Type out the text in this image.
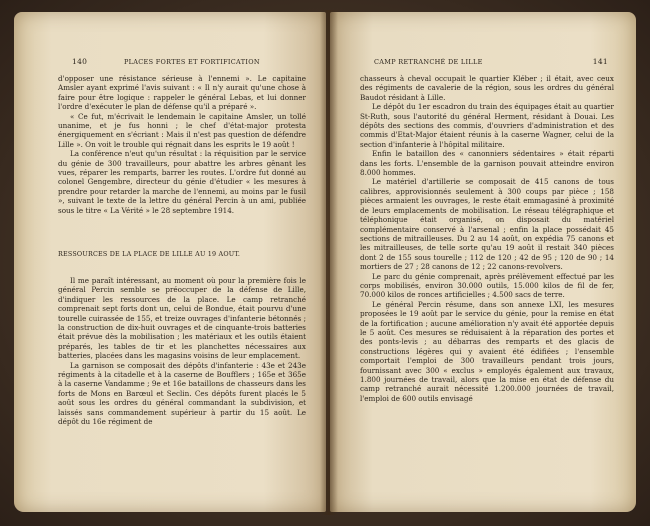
140	PLACES FORTES ET FORTIFICATION

d'opposer une résistance sérieuse à l'ennemi ». Le capitaine Amsler ayant exprimé l'avis suivant : « Il n'y aurait qu'une chose à faire pour être logique : rappeler le général Lebas, et lui donner l'ordre d'exécuter le plan de défense qu'il a préparé ».

« Ce fut, m'écrivait le lendemain le capitaine Amsler, un tollé unanime, et je fus honni ; le chef d'état-major protesta énergiquement en s'écriant : Mais il n'est pas question de défendre Lille ». On voit le trouble qui régnait dans les esprits le 19 août !

La conférence n'eut qu'un résultat : la réquisition par le service du génie de 300 travailleurs, pour abattre les arbres gênant les vues, réparer les remparts, barrer les routes. L'ordre fut donné au colonel Gengembre, directeur du génie d'étudier « les mesures à prendre pour retarder la marche de l'ennemi, au moins par le fusil », suivant le texte de la lettre du général Percin à un ami, publiée sous le titre « La Vérité » le 28 septembre 1914.

RESSOURCES DE LA PLACE DE LILLE AU 19 AOUT.

Il me paraît intéressant, au moment où pour la première fois le général Percin semble se préoccuper de la défense de Lille, d'indiquer les ressources de la place. Le camp retranché comprenait sept forts dont un, celui de Bondue, était pourvu d'une tourelle cuirassée de 155, et treize ouvrages d'infanterie bétonnés ; la construction de dix-huit ouvrages et de cinquante-trois batteries était prévue dès la mobilisation ; les matériaux et les outils étaient préparés, les tables de tir et les planchettes nécessaires aux batteries, placées dans les magasins voisins de leur emplacement.

La garnison se composait des dépôts d'infanterie : 43e et 243e régiments à la citadelle et à la caserne de Boufflers ; 165e et 365e à la caserne Vandamme ; 9e et 16e bataillons de chasseurs dans les forts de Mons en Barœul et Seclin. Ces dépôts furent placés le 5 août sous les ordres du général commandant la subdivision, et laissés sans commandement supérieur à partir du 15 août. Le dépôt du 16e régiment de

CAMP RETRANCHÉ DE LILLE	141

chasseurs à cheval occupait le quartier Kléber ; il était, avec ceux des régiments de cavalerie de la région, sous les ordres du général Baudot résidant à Lille.

Le dépôt du 1er escadron du train des équipages était au quartier St-Ruth, sous l'autorité du général Herment, résidant à Douai. Les dépôts des sections des commis, d'ouvriers d'administration et des commis d'Etat-Major étaient réunis à la caserne Wagner, celui de la section d'infanterie à l'hôpital militaire.

Enfin le bataillon des « canonniers sédentaires » était réparti dans les forts. L'ensemble de la garnison pouvait atteindre environ 8.000 hommes.

Le matériel d'artillerie se composait de 415 canons de tous calibres, approvisionnés seulement à 300 coups par pièce ; 158 pièces armaient les ouvrages, le reste était emmagasiné à proximité de leurs emplacements de mobilisation. Le réseau télégraphique et téléphonique était organisé, on disposait du matériel complémentaire conservé à l'arsenal ; enfin la place possédait 45 sections de mitrailleuses. Du 2 au 14 août, on expédia 75 canons et les mitrailleuses, de telle sorte qu'au 19 août il restait 340 pièces dont 2 de 155 sous tourelle ; 112 de 120 ; 42 de 95 ; 120 de 90 ; 14 mortiers de 27 ; 28 canons de 12 ; 22 canons-revolvers.

Le parc du génie comprenait, après prélèvement effectué par les corps mobilisés, environ 30.000 outils, 15.000 kilos de fil de fer, 70.000 kilos de ronces artificielles ; 4.500 sacs de terre.

Le général Percin résume, dans son annexe LXI, les mesures proposées le 19 août par le service du génie, pour la remise en état de la fortification ; aucune amélioration n'y avait été apportée depuis le 5 août. Ces mesures se réduisaient à la réparation des portes et des ponts-levis ; au débarras des remparts et des glacis de constructions légères qui y avaient été édifiées ; l'ensemble comportait l'emploi de 300 travailleurs pendant trois jours, fournissant avec 300 « exclus » employés également aux travaux, 1.800 journées de travail, alors que la mise en état de défense du camp retranché aurait nécessité 1.200.000 journées de travail, l'emploi de 600 outils envisagé
